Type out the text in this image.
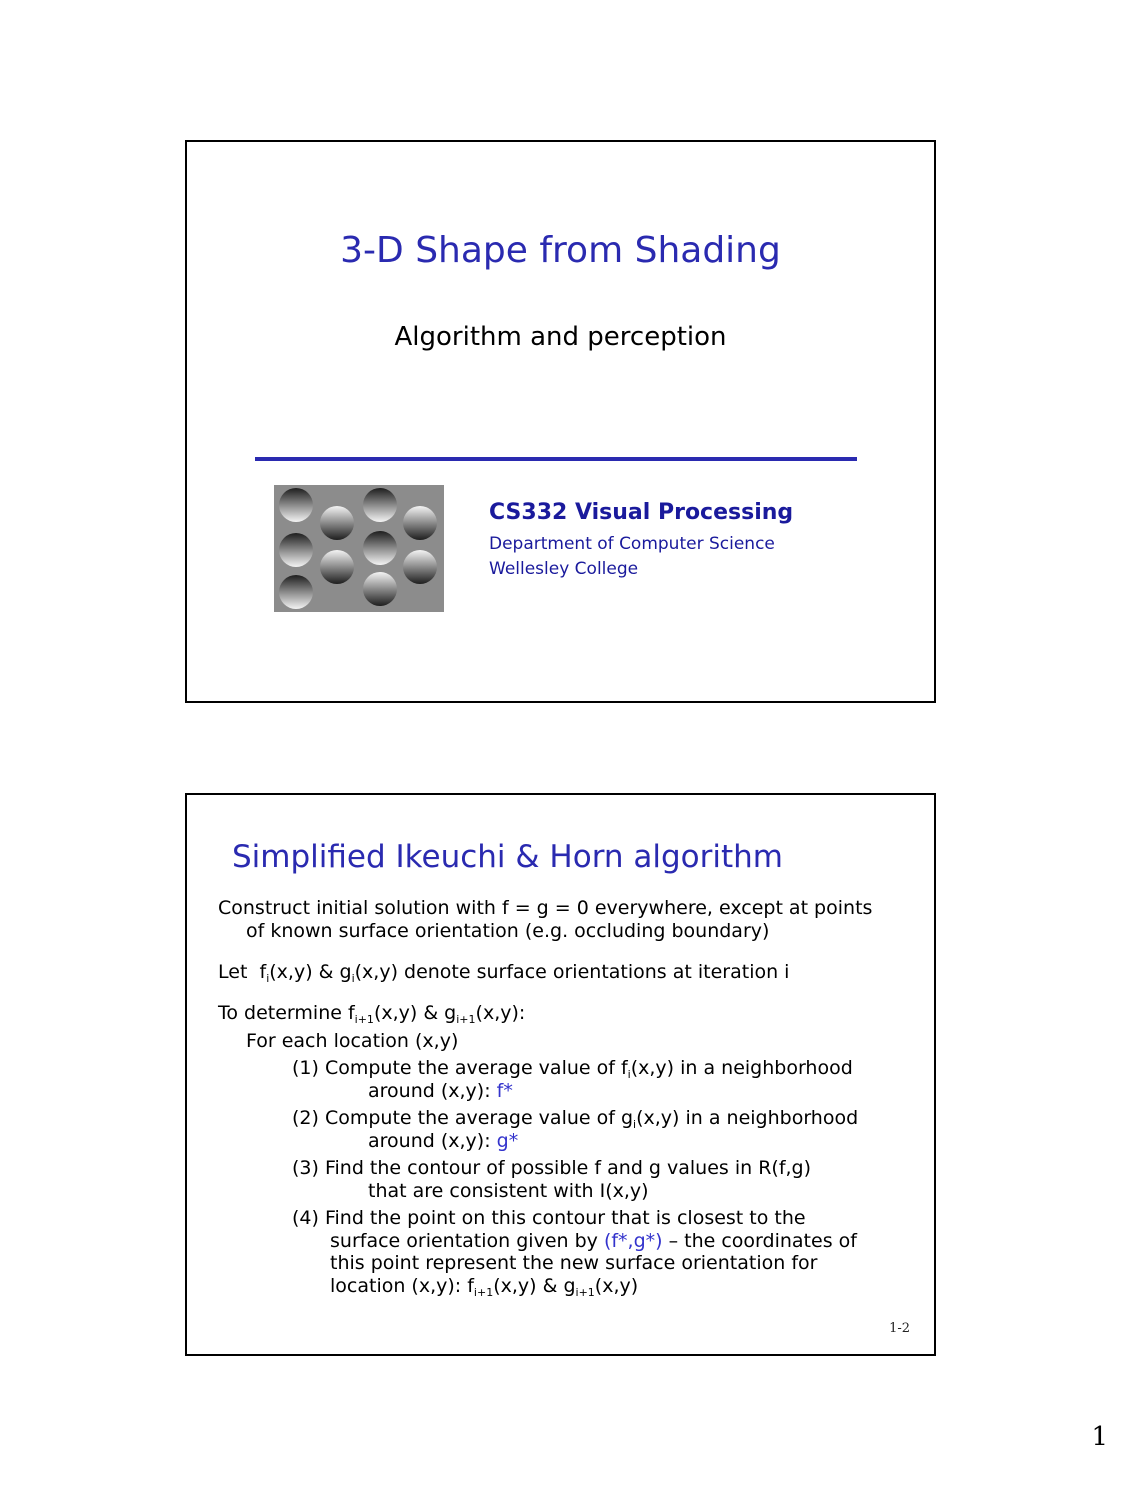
3-D Shape from Shading
Algorithm and perception
CS332 Visual Processing
Department of Computer Science
Wellesley College
Simplified Ikeuchi & Horn algorithm
Construct initial solution with f = g = 0 everywhere, except at points
of known surface orientation (e.g. occluding boundary)
Let $f_i(x,y)$ & $g_i(x,y)$ denote surface orientations at iteration i
To determine $f_{i+1}(x,y)$ & $g_{i+1}(x,y)$:
For each location (x,y)
(1) Compute the average value of $f_i(x,y)$ in a neighborhood
around (x,y): f*
(2) Compute the average value of $g_i(x,y)$ in a neighborhood
around (x,y): g*
(3) Find the contour of possible f and g values in R(f,g)
that are consistent with I(x,y)
(4) Find the point on this contour that is closest to the
surface orientation given by (f*,g*) – the coordinates of
this point represent the new surface orientation for
location (x,y): $f_{i+1}(x,y)$ & $g_{i+1}(x,y)$
1-2
1
